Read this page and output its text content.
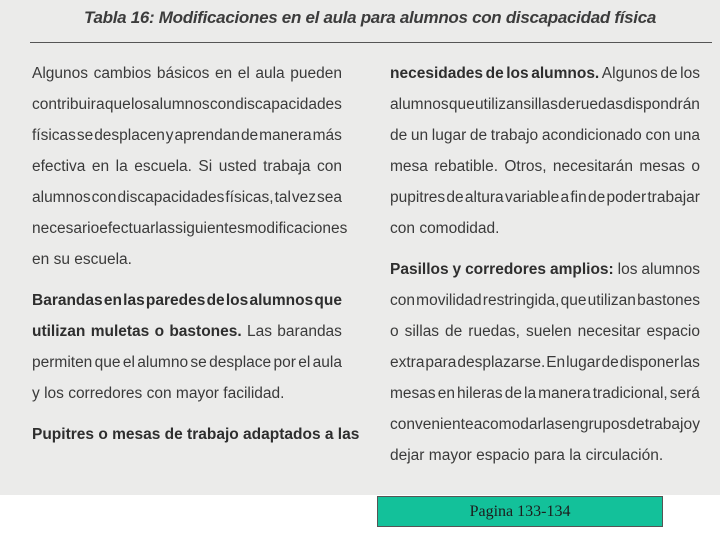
Tabla 16: Modificaciones en el aula para alumnos con discapacidad física
Algunos cambios básicos en el aula pueden
contribuir a que los alumnos con discapacidades
físicas se desplacen y aprendan de manera más
efectiva en la escuela. Si usted trabaja con
alumnos con discapacidades físicas, tal vez sea
necesario efectuar las siguientes modificaciones
en su escuela.
Barandas en las paredes de los alumnos que
utilizan muletas o bastones. Las barandas
permiten que el alumno se desplace por el aula
y los corredores con mayor facilidad.
Pupitres o mesas de trabajo adaptados a las
necesidades de los alumnos. Algunos de los
alumnos que utilizan sillas de ruedas dispondrán
de un lugar de trabajo acondicionado con una
mesa rebatible. Otros, necesitarán mesas o
pupitres de altura variable a fin de poder trabajar
con comodidad.
Pasillos y corredores amplios: los alumnos
con movilidad restringida, que utilizan bastones
o sillas de ruedas, suelen necesitar espacio
extra para desplazarse. En lugar de disponer las
mesas en hileras de la manera tradicional, será
conveniente acomodarlas en grupos de trabajo y
dejar mayor espacio para la circulación.
Pagina 133-134
